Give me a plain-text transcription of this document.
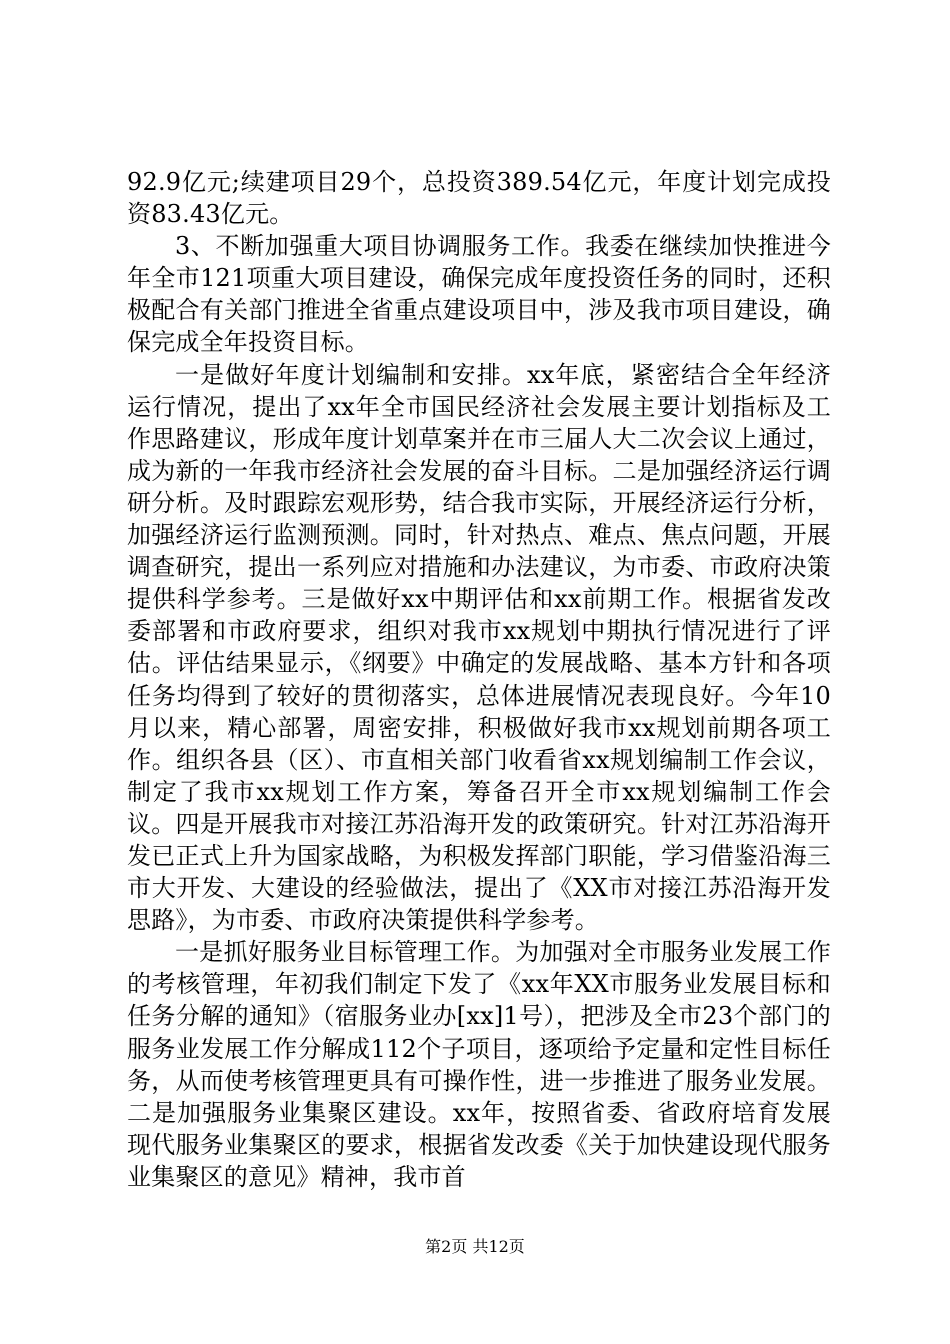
92.9亿元;续建项目29个，总投资389.54亿元，年度计划完成投资83.43亿元。

3、不断加强重大项目协调服务工作。我委在继续加快推进今年全市121项重大项目建设，确保完成年度投资任务的同时，还积极配合有关部门推进全省重点建设项目中，涉及我市项目建设，确保完成全年投资目标。

一是做好年度计划编制和安排。xx年底，紧密结合全年经济运行情况，提出了xx年全市国民经济社会发展主要计划指标及工作思路建议，形成年度计划草案并在市三届人大二次会议上通过，成为新的一年我市经济社会发展的奋斗目标。二是加强经济运行调研分析。及时跟踪宏观形势，结合我市实际，开展经济运行分析，加强经济运行监测预测。同时，针对热点、难点、焦点问题，开展调查研究，提出一系列应对措施和办法建议，为市委、市政府决策提供科学参考。三是做好xx中期评估和xx前期工作。根据省发改委部署和市政府要求，组织对我市xx规划中期执行情况进行了评估。评估结果显示，《纲要》中确定的发展战略、基本方针和各项任务均得到了较好的贯彻落实，总体进展情况表现良好。今年10月以来，精心部署，周密安排，积极做好我市xx规划前期各项工作。组织各县（区）、市直相关部门收看省xx规划编制工作会议，制定了我市xx规划工作方案，筹备召开全市xx规划编制工作会议。四是开展我市对接江苏沿海开发的政策研究。针对江苏沿海开发已正式上升为国家战略，为积极发挥部门职能，学习借鉴沿海三市大开发、大建设的经验做法，提出了《XX市对接江苏沿海开发思路》，为市委、市政府决策提供科学参考。

一是抓好服务业目标管理工作。为加强对全市服务业发展工作的考核管理，年初我们制定下发了《xx年XX市服务业发展目标和任务分解的通知》（宿服务业办[xx]1号），把涉及全市23个部门的服务业发展工作分解成112个子项目，逐项给予定量和定性目标任务，从而使考核管理更具有可操作性，进一步推进了服务业发展。二是加强服务业集聚区建设。xx年，按照省委、省政府培育发展现代服务业集聚区的要求，根据省发改委《关于加快建设现代服务业集聚区的意见》精神，我市首

第2页 共12页
